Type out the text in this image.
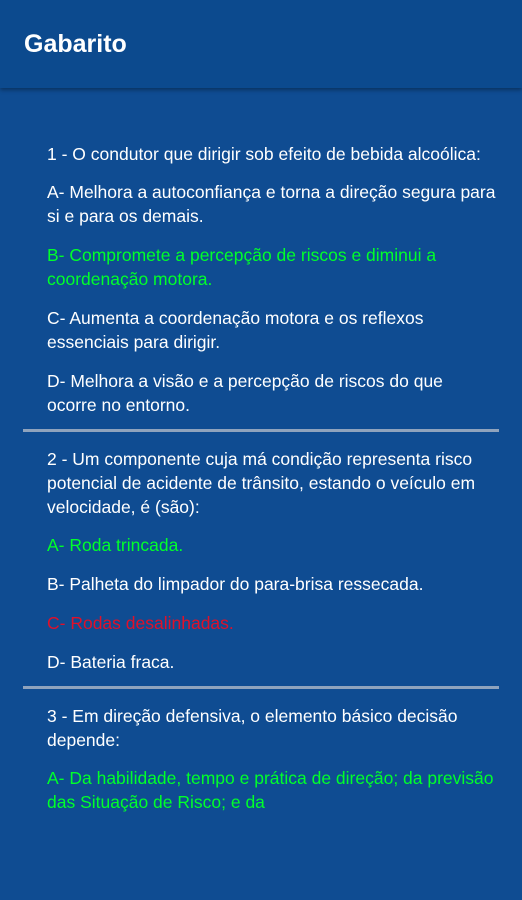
Gabarito
1 - O condutor que dirigir sob efeito de bebida alcoólica:
A- Melhora a autoconfiança e torna a direção segura para si e para os demais.
B- Compromete a percepção de riscos e diminui a coordenação motora.
C- Aumenta a coordenação motora e os reflexos essenciais para dirigir.
D- Melhora a visão e a percepção de riscos do que ocorre no entorno.
2 - Um componente cuja má condição representa risco potencial de acidente de trânsito, estando o veículo em velocidade, é (são):
A- Roda trincada.
B- Palheta do limpador do para-brisa ressecada.
C- Rodas desalinhadas.
D- Bateria fraca.
3 - Em direção defensiva, o elemento básico decisão depende:
A- Da habilidade, tempo e prática de direção; da previsão das Situação de Risco; e da
